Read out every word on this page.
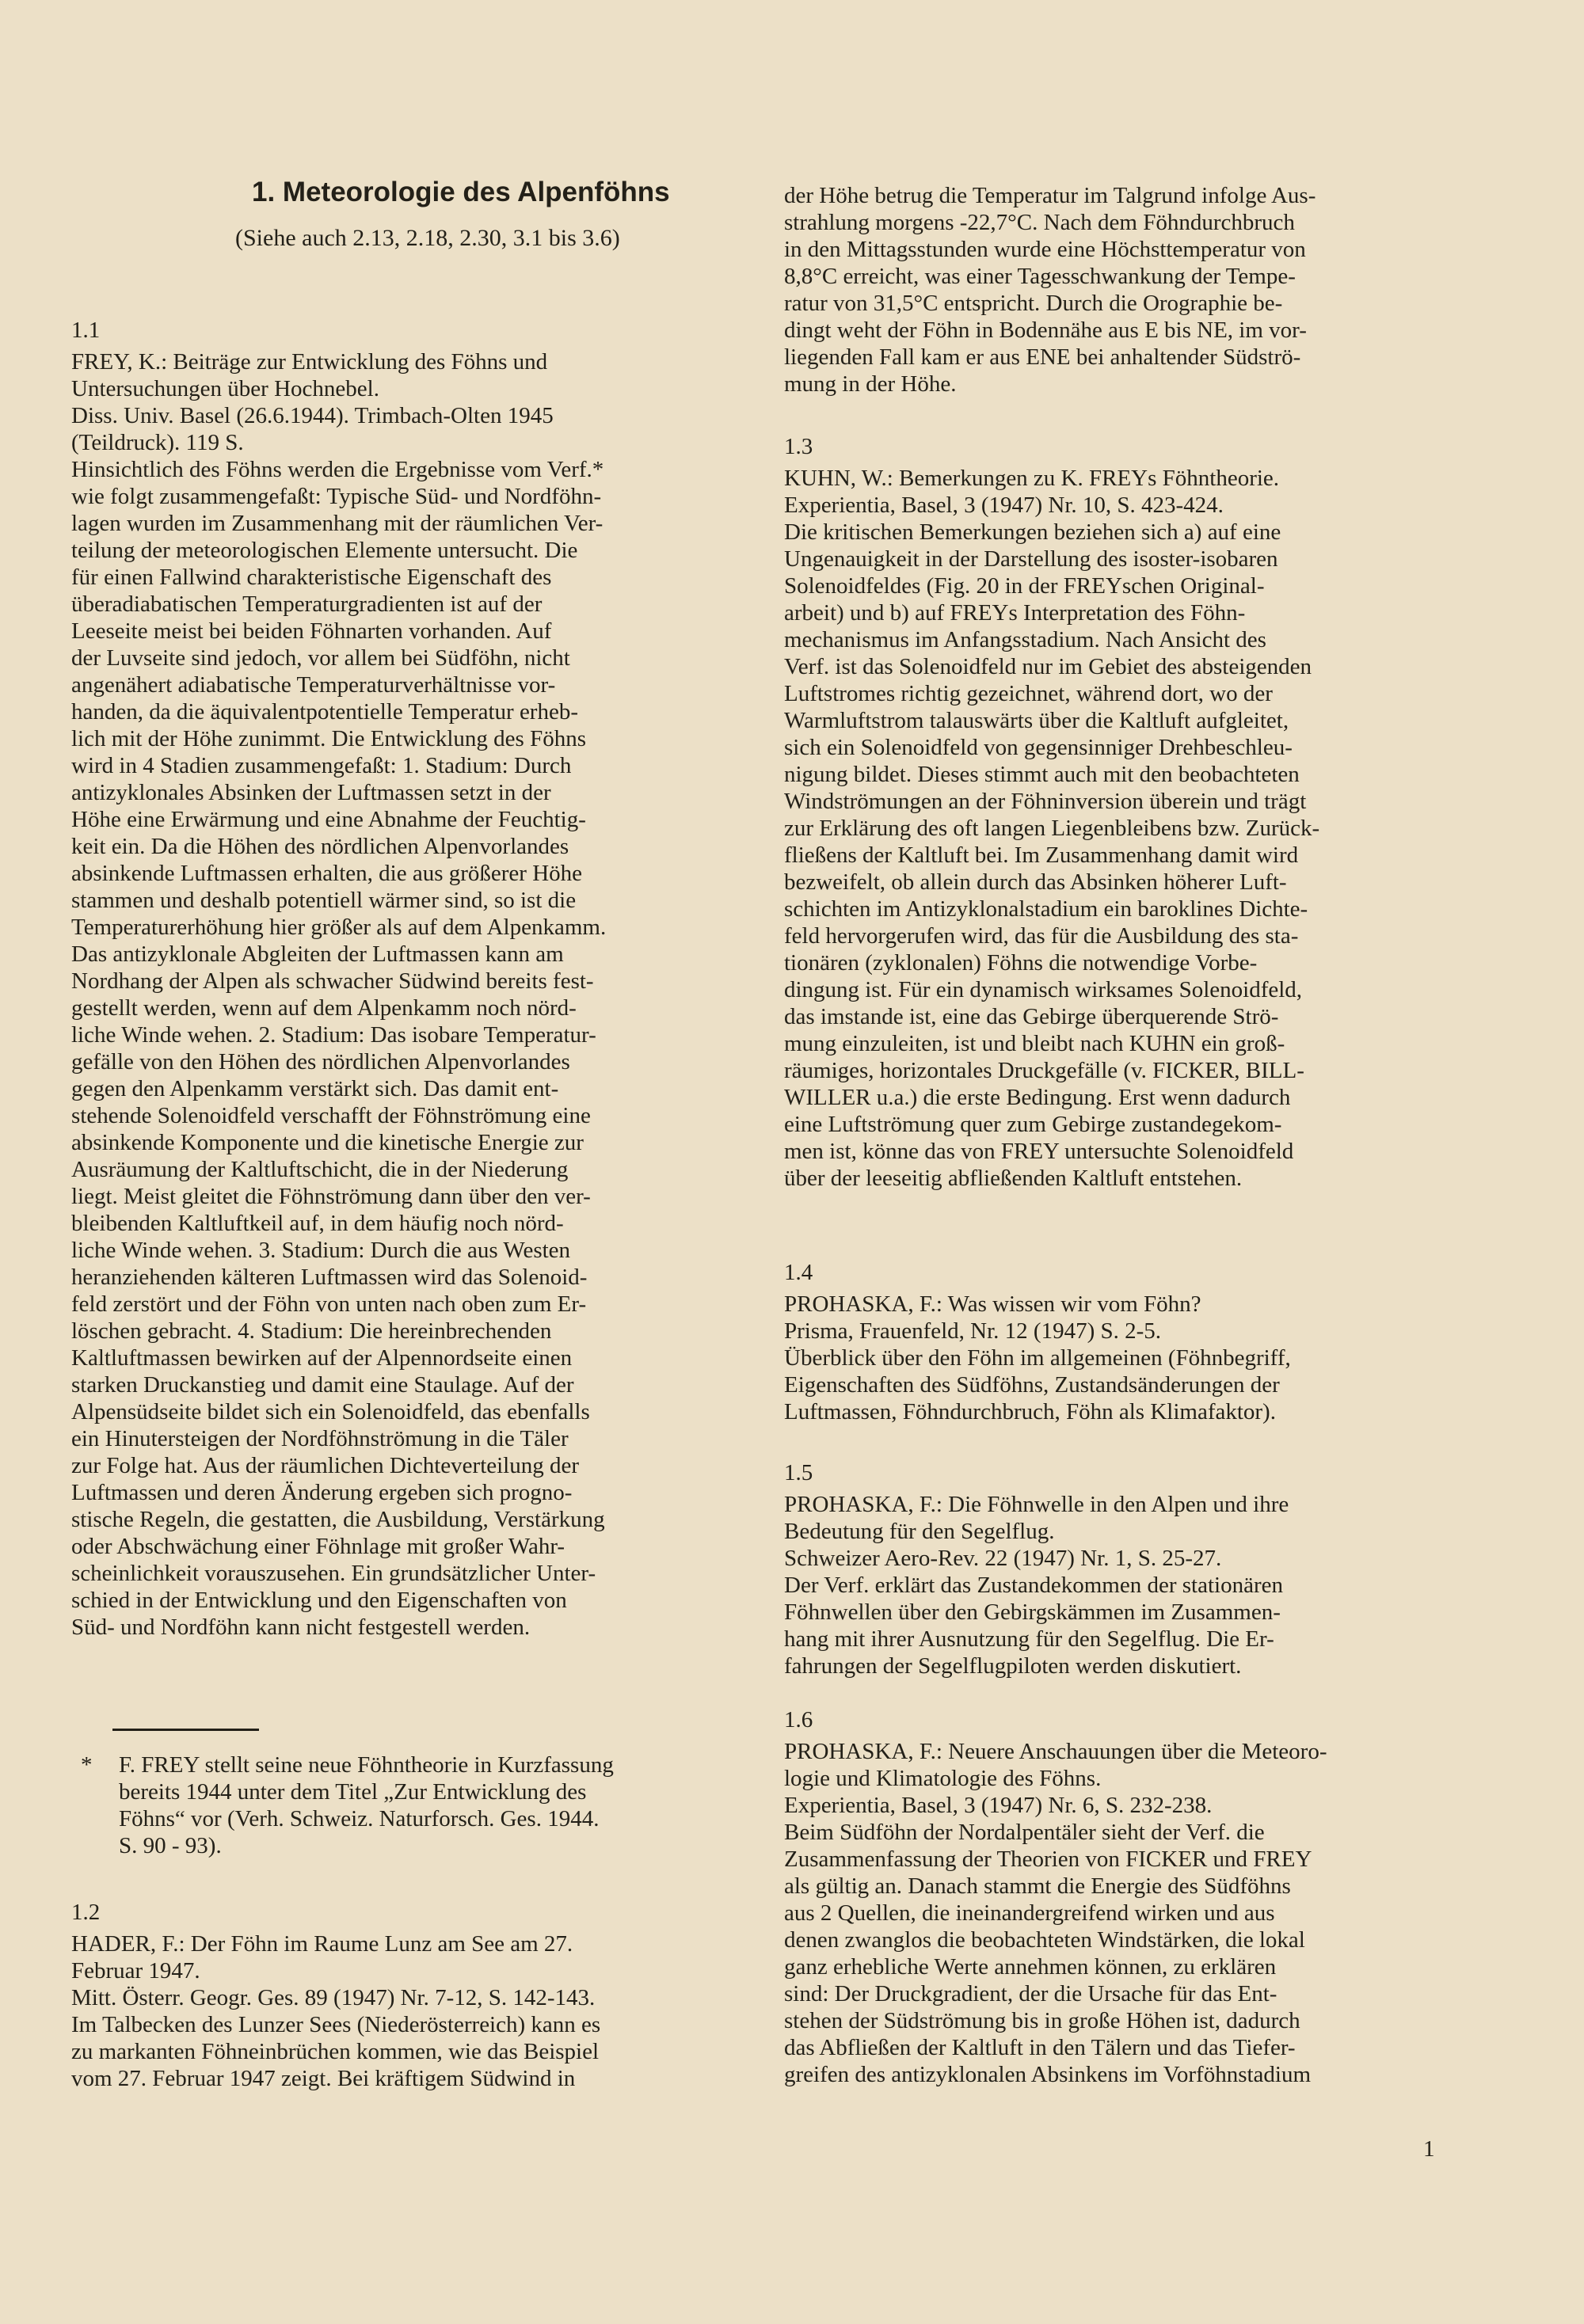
1. Meteorologie des Alpenföhns
(Siehe auch 2.13, 2.18, 2.30, 3.1 bis 3.6)
1.1
FREY, K.: Beiträge zur Entwicklung des Föhns und
Untersuchungen über Hochnebel.
Diss. Univ. Basel (26.6.1944). Trimbach-Olten 1945
(Teildruck). 119 S.
Hinsichtlich des Föhns werden die Ergebnisse vom Verf.*
wie folgt zusammengefaßt: Typische Süd- und Nordföhn-
lagen wurden im Zusammenhang mit der räumlichen Ver-
teilung der meteorologischen Elemente untersucht. Die
für einen Fallwind charakteristische Eigenschaft des
überadiabatischen Temperaturgradienten ist auf der
Leeseite meist bei beiden Föhnarten vorhanden. Auf
der Luvseite sind jedoch, vor allem bei Südföhn, nicht
angenähert adiabatische Temperaturverhältnisse vor-
handen, da die äquivalentpotentielle Temperatur erheb-
lich mit der Höhe zunimmt. Die Entwicklung des Föhns
wird in 4 Stadien zusammengefaßt: 1. Stadium: Durch
antizyklonales Absinken der Luftmassen setzt in der
Höhe eine Erwärmung und eine Abnahme der Feuchtig-
keit ein. Da die Höhen des nördlichen Alpenvorlandes
absinkende Luftmassen erhalten, die aus größerer Höhe
stammen und deshalb potentiell wärmer sind, so ist die
Temperaturerhöhung hier größer als auf dem Alpenkamm.
Das antizyklonale Abgleiten der Luftmassen kann am
Nordhang der Alpen als schwacher Südwind bereits fest-
gestellt werden, wenn auf dem Alpenkamm noch nörd-
liche Winde wehen. 2. Stadium: Das isobare Temperatur-
gefälle von den Höhen des nördlichen Alpenvorlandes
gegen den Alpenkamm verstärkt sich. Das damit ent-
stehende Solenoidfeld verschafft der Föhnströmung eine
absinkende Komponente und die kinetische Energie zur
Ausräumung der Kaltluftschicht, die in der Niederung
liegt. Meist gleitet die Föhnströmung dann über den ver-
bleibenden Kaltluftkeil auf, in dem häufig noch nörd-
liche Winde wehen. 3. Stadium: Durch die aus Westen
heranziehenden kälteren Luftmassen wird das Solenoid-
feld zerstört und der Föhn von unten nach oben zum Er-
löschen gebracht. 4. Stadium: Die hereinbrechenden
Kaltluftmassen bewirken auf der Alpennordseite einen
starken Druckanstieg und damit eine Staulage. Auf der
Alpensüdseite bildet sich ein Solenoidfeld, das ebenfalls
ein Hinutersteigen der Nordföhnströmung in die Täler
zur Folge hat. Aus der räumlichen Dichteverteilung der
Luftmassen und deren Änderung ergeben sich progno-
stische Regeln, die gestatten, die Ausbildung, Verstärkung
oder Abschwächung einer Föhnlage mit großer Wahr-
scheinlichkeit vorauszusehen. Ein grundsätzlicher Unter-
schied in der Entwicklung und den Eigenschaften von
Süd- und Nordföhn kann nicht festgestell werden.
* F. FREY stellt seine neue Föhntheorie in Kurzfassung
bereits 1944 unter dem Titel „Zur Entwicklung des
Föhns“ vor (Verh. Schweiz. Naturforsch. Ges. 1944.
S. 90 - 93).
1.2
HADER, F.: Der Föhn im Raume Lunz am See am 27.
Februar 1947.
Mitt. Österr. Geogr. Ges. 89 (1947) Nr. 7-12, S. 142-143.
Im Talbecken des Lunzer Sees (Niederösterreich) kann es
zu markanten Föhneinbrüchen kommen, wie das Beispiel
vom 27. Februar 1947 zeigt. Bei kräftigem Südwind in
der Höhe betrug die Temperatur im Talgrund infolge Aus-
strahlung morgens -22,7°C. Nach dem Föhndurchbruch
in den Mittagsstunden wurde eine Höchsttemperatur von
8,8°C erreicht, was einer Tagesschwankung der Tempe-
ratur von 31,5°C entspricht. Durch die Orographie be-
dingt weht der Föhn in Bodennähe aus E bis NE, im vor-
liegenden Fall kam er aus ENE bei anhaltender Südströ-
mung in der Höhe.
1.3
KUHN, W.: Bemerkungen zu K. FREYs Föhntheorie.
Experientia, Basel, 3 (1947) Nr. 10, S. 423-424.
Die kritischen Bemerkungen beziehen sich a) auf eine
Ungenauigkeit in der Darstellung des isoster-isobaren
Solenoidfeldes (Fig. 20 in der FREYschen Original-
arbeit) und b) auf FREYs Interpretation des Föhn-
mechanismus im Anfangsstadium. Nach Ansicht des
Verf. ist das Solenoidfeld nur im Gebiet des absteigenden
Luftstromes richtig gezeichnet, während dort, wo der
Warmluftstrom talauswärts über die Kaltluft aufgleitet,
sich ein Solenoidfeld von gegensinniger Drehbeschleu-
nigung bildet. Dieses stimmt auch mit den beobachteten
Windströmungen an der Föhninversion überein und trägt
zur Erklärung des oft langen Liegenbleibens bzw. Zurück-
fließens der Kaltluft bei. Im Zusammenhang damit wird
bezweifelt, ob allein durch das Absinken höherer Luft-
schichten im Antizyklonalstadium ein baroklines Dichte-
feld hervorgerufen wird, das für die Ausbildung des sta-
tionären (zyklonalen) Föhns die notwendige Vorbe-
dingung ist. Für ein dynamisch wirksames Solenoidfeld,
das imstande ist, eine das Gebirge überquerende Strö-
mung einzuleiten, ist und bleibt nach KUHN ein groß-
räumiges, horizontales Druckgefälle (v. FICKER, BILL-
WILLER u.a.) die erste Bedingung. Erst wenn dadurch
eine Luftströmung quer zum Gebirge zustandegekom-
men ist, könne das von FREY untersuchte Solenoidfeld
über der leeseitig abfließenden Kaltluft entstehen.
1.4
PROHASKA, F.: Was wissen wir vom Föhn?
Prisma, Frauenfeld, Nr. 12 (1947) S. 2-5.
Überblick über den Föhn im allgemeinen (Föhnbegriff,
Eigenschaften des Südföhns, Zustandsänderungen der
Luftmassen, Föhndurchbruch, Föhn als Klimafaktor).
1.5
PROHASKA, F.: Die Föhnwelle in den Alpen und ihre
Bedeutung für den Segelflug.
Schweizer Aero-Rev. 22 (1947) Nr. 1, S. 25-27.
Der Verf. erklärt das Zustandekommen der stationären
Föhnwellen über den Gebirgskämmen im Zusammen-
hang mit ihrer Ausnutzung für den Segelflug. Die Er-
fahrungen der Segelflugpiloten werden diskutiert.
1.6
PROHASKA, F.: Neuere Anschauungen über die Meteoro-
logie und Klimatologie des Föhns.
Experientia, Basel, 3 (1947) Nr. 6, S. 232-238.
Beim Südföhn der Nordalpentäler sieht der Verf. die
Zusammenfassung der Theorien von FICKER und FREY
als gültig an. Danach stammt die Energie des Südföhns
aus 2 Quellen, die ineinandergreifend wirken und aus
denen zwanglos die beobachteten Windstärken, die lokal
ganz erhebliche Werte annehmen können, zu erklären
sind: Der Druckgradient, der die Ursache für das Ent-
stehen der Südströmung bis in große Höhen ist, dadurch
das Abfließen der Kaltluft in den Tälern und das Tiefer-
greifen des antizyklonalen Absinkens im Vorföhnstadium
1
